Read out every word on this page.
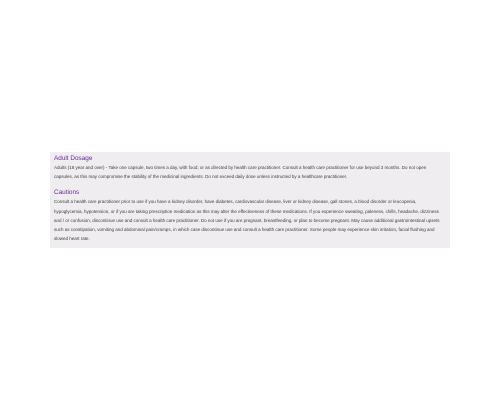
Adult Dosage

Adults (18 year and over) - Take one capsule, two times a day, with food; or as directed by health care practitioner. Consult a health care practitioner for use beyond 3 months. Do not open capsules, as this may compromise the stability of the medicinal ingredients. Do not exceed daily dose unless instructed by a healthcare practitioner.

Cautions

Consult a health care practitioner prior to use if you have a kidney disorder, have diabetes, cardiovascular disease, liver or kidney disease, gall stones, a blood disorder or leucopenia, hypoglycemia, hypotension, or if you are taking prescription medication as this may alter the effectiveness of these medications. If you experience sweating, paleness, chills, headache, dizziness and / or confusion, discontinue use and consult a health care practitioner. Do not use if you are pregnant, breastfeeding, or plan to become pregnant. May cause additional gastrointestinal upsets such as constipation, vomiting and abdominal pain/cramps, in which case discontinue use and consult a health care practitioner. Some people may experience skin irritation, facial flushing and slowed heart rate.
